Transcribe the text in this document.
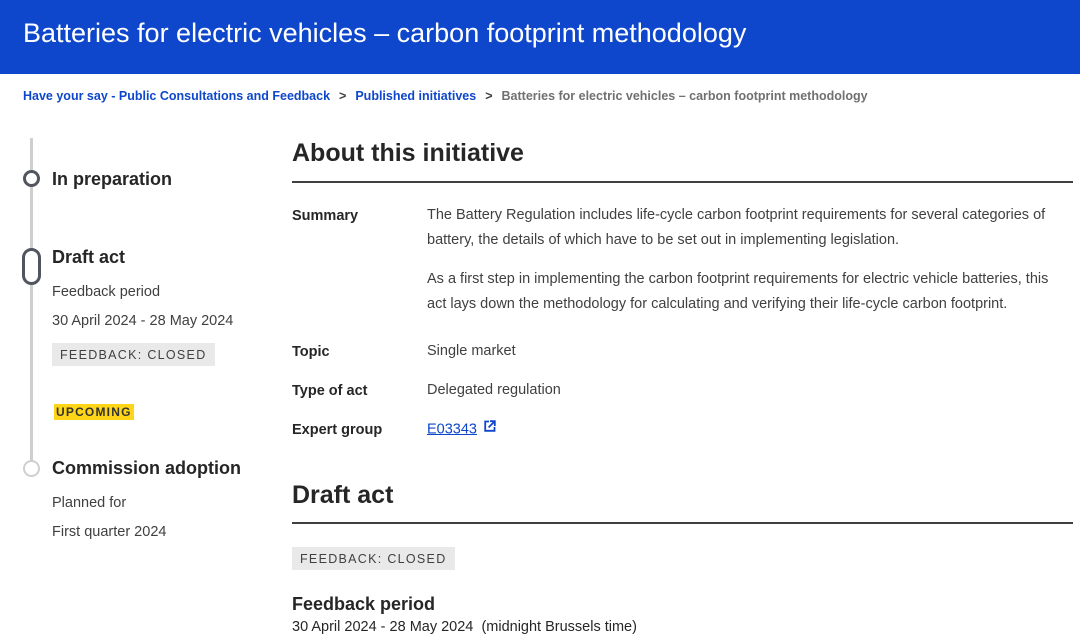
Batteries for electric vehicles – carbon footprint methodology
Have your say - Public Consultations and Feedback > Published initiatives > Batteries for electric vehicles – carbon footprint methodology
In preparation
Draft act
Feedback period
30 April 2024 - 28 May 2024
FEEDBACK: CLOSED
UPCOMING
Commission adoption
Planned for
First quarter 2024
About this initiative
Summary	The Battery Regulation includes life-cycle carbon footprint requirements for several categories of battery, the details of which have to be set out in implementing legislation.

As a first step in implementing the carbon footprint requirements for electric vehicle batteries, this act lays down the methodology for calculating and verifying their life-cycle carbon footprint.

Topic	Single market
Type of act	Delegated regulation
Expert group	E03343
Draft act
FEEDBACK: CLOSED
Feedback period
30 April 2024 - 28 May 2024 (midnight Brussels time)
